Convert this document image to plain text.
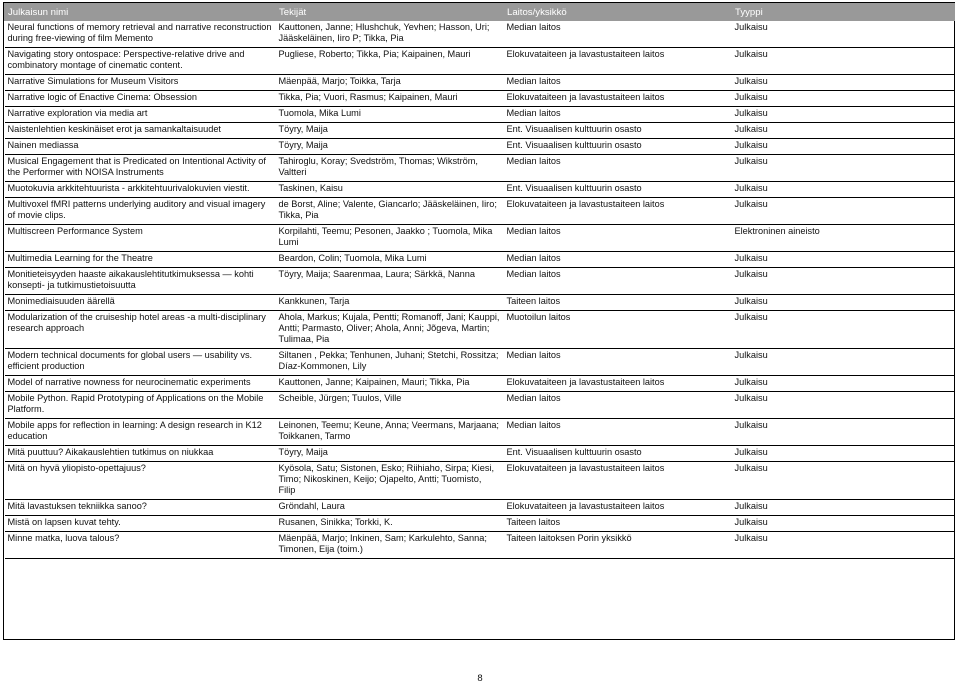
Julkaisun nimi	Tekijät	Laitos/yksikkö	Tyyppi
Neural functions of memory retrieval and narrative reconstruction during free-viewing of film Memento	Kauttonen, Janne; Hlushchuk, Yevhen; Hasson, Uri; Jääskeläinen, Iiro P; Tikka, Pia	Median laitos	Julkaisu
Navigating story ontospace: Perspective-relative drive and combinatory montage of cinematic content.	Pugliese, Roberto; Tikka, Pia; Kaipainen, Mauri	Elokuvataiteen ja lavastustaiteen laitos	Julkaisu
Narrative Simulations for Museum Visitors	Mäenpää, Marjo; Toikka, Tarja	Median laitos	Julkaisu
Narrative logic of Enactive Cinema: Obsession	Tikka, Pia; Vuori, Rasmus; Kaipainen, Mauri	Elokuvataiteen ja lavastustaiteen laitos	Julkaisu
Narrative exploration via media art	Tuomola, Mika Lumi	Median laitos	Julkaisu
Naistenlehtien keskinäiset erot ja samankaltaisuudet	Töyry, Maija	Ent. Visuaalisen kulttuurin osasto	Julkaisu
Nainen mediassa	Töyry, Maija	Ent. Visuaalisen kulttuurin osasto	Julkaisu
Musical Engagement that is Predicated on Intentional Activity of the Performer with NOISA Instruments	Tahiroglu, Koray; Svedström, Thomas; Wikström, Valtteri	Median laitos	Julkaisu
Muotokuvia arkkitehtuurista - arkkitehtuurivalokuvien viestit.	Taskinen, Kaisu	Ent. Visuaalisen kulttuurin osasto	Julkaisu
Multivoxel fMRI patterns underlying auditory and visual imagery of movie clips.	de Borst, Aline; Valente, Giancarlo; Jääskeläinen, Iiro; Tikka, Pia	Elokuvataiteen ja lavastustaiteen laitos	Julkaisu
Multiscreen Performance System	Korpilahti, Teemu; Pesonen, Jaakko ; Tuomola, Mika Lumi	Median laitos	Elektroninen aineisto
Multimedia Learning for the Theatre	Beardon, Colin; Tuomola, Mika Lumi	Median laitos	Julkaisu
Monitieteisyyden haaste aikakauslehtitutkimuksessa — kohti konsepti- ja tutkimustietoisuutta	Töyry, Maija; Saarenmaa, Laura; Särkkä, Nanna	Median laitos	Julkaisu
Monimediaisuuden äärellä	Kankkunen, Tarja	Taiteen laitos	Julkaisu
Modularization of the cruiseship hotel areas -a multi-disciplinary research approach	Ahola, Markus; Kujala, Pentti; Romanoff, Jani; Kauppi, Antti; Parmasto, Oliver; Ahola, Anni; Jõgeva, Martin; Tulimaa, Pia	Muotoilun laitos	Julkaisu
Modern technical documents for global users — usability vs. efficient production	Siltanen , Pekka; Tenhunen, Juhani; Stetchi, Rossitza; Díaz-Kommonen, Lily	Median laitos	Julkaisu
Model of narrative nowness for neurocinematic experiments	Kauttonen, Janne; Kaipainen, Mauri; Tikka, Pia	Elokuvataiteen ja lavastustaiteen laitos	Julkaisu
Mobile Python. Rapid Prototyping of Applications on the Mobile Platform.	Scheible, Jürgen; Tuulos, Ville	Median laitos	Julkaisu
Mobile apps for reflection in learning: A design research in K12 education	Leinonen, Teemu; Keune, Anna; Veermans, Marjaana; Toikkanen, Tarmo	Median laitos	Julkaisu
Mitä puuttuu? Aikakauslehtien tutkimus on niukkaa	Töyry, Maija	Ent. Visuaalisen kulttuurin osasto	Julkaisu
Mitä on hyvä yliopisto-opettajuus?	Kyösola, Satu; Sistonen, Esko; Riihiaho, Sirpa; Kiesi, Timo; Nikoskinen, Keijo; Ojapelto, Antti; Tuomisto, Filip	Elokuvataiteen ja lavastustaiteen laitos	Julkaisu
Mitä lavastuksen tekniikka sanoo?	Gröndahl, Laura	Elokuvataiteen ja lavastustaiteen laitos	Julkaisu
Mistä on lapsen kuvat tehty.	Rusanen, Sinikka; Torkki, K.	Taiteen laitos	Julkaisu
Minne matka, luova talous?	Mäenpää, Marjo; Inkinen, Sam; Karkulehto, Sanna; Timonen, Eija (toim.)	Taiteen laitoksen Porin yksikkö	Julkaisu
8
